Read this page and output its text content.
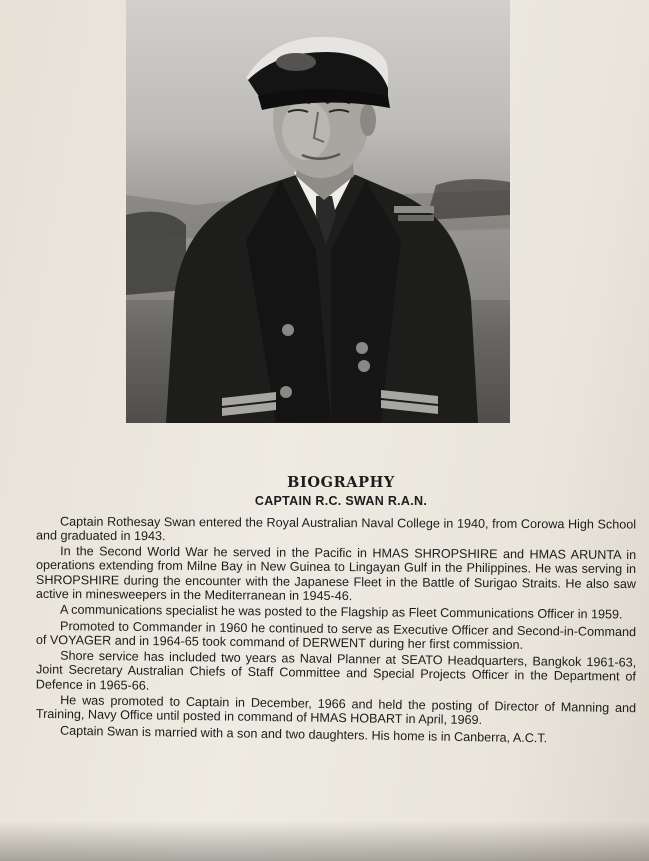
BIOGRAPHY
CAPTAIN R.C. SWAN R.A.N.

Captain Rothesay Swan entered the Royal Australian Naval College in 1940, from Corowa High School and graduated in 1943.

In the Second World War he served in the Pacific in HMAS SHROPSHIRE and HMAS ARUNTA in operations extending from Milne Bay in New Guinea to Lingayan Gulf in the Philippines. He was serving in SHROPSHIRE during the encounter with the Japanese Fleet in the Battle of Surigao Straits. He also saw active in minesweepers in the Mediterranean in 1945-46.

A communications specialist he was posted to the Flagship as Fleet Communications Officer in 1959.

Promoted to Commander in 1960 he continued to serve as Executive Officer and Second-in-Command of VOYAGER and in 1964-65 took command of DERWENT during her first commission.

Shore service has included two years as Naval Planner at SEATO Headquarters, Bangkok 1961-63, Joint Secretary Australian Chiefs of Staff Committee and Special Projects Officer in the Department of Defence in 1965-66.

He was promoted to Captain in December, 1966 and held the posting of Director of Manning and Training, Navy Office until posted in command of HMAS HOBART in April, 1969.

Captain Swan is married with a son and two daughters. His home is in Canberra, A.C.T.
